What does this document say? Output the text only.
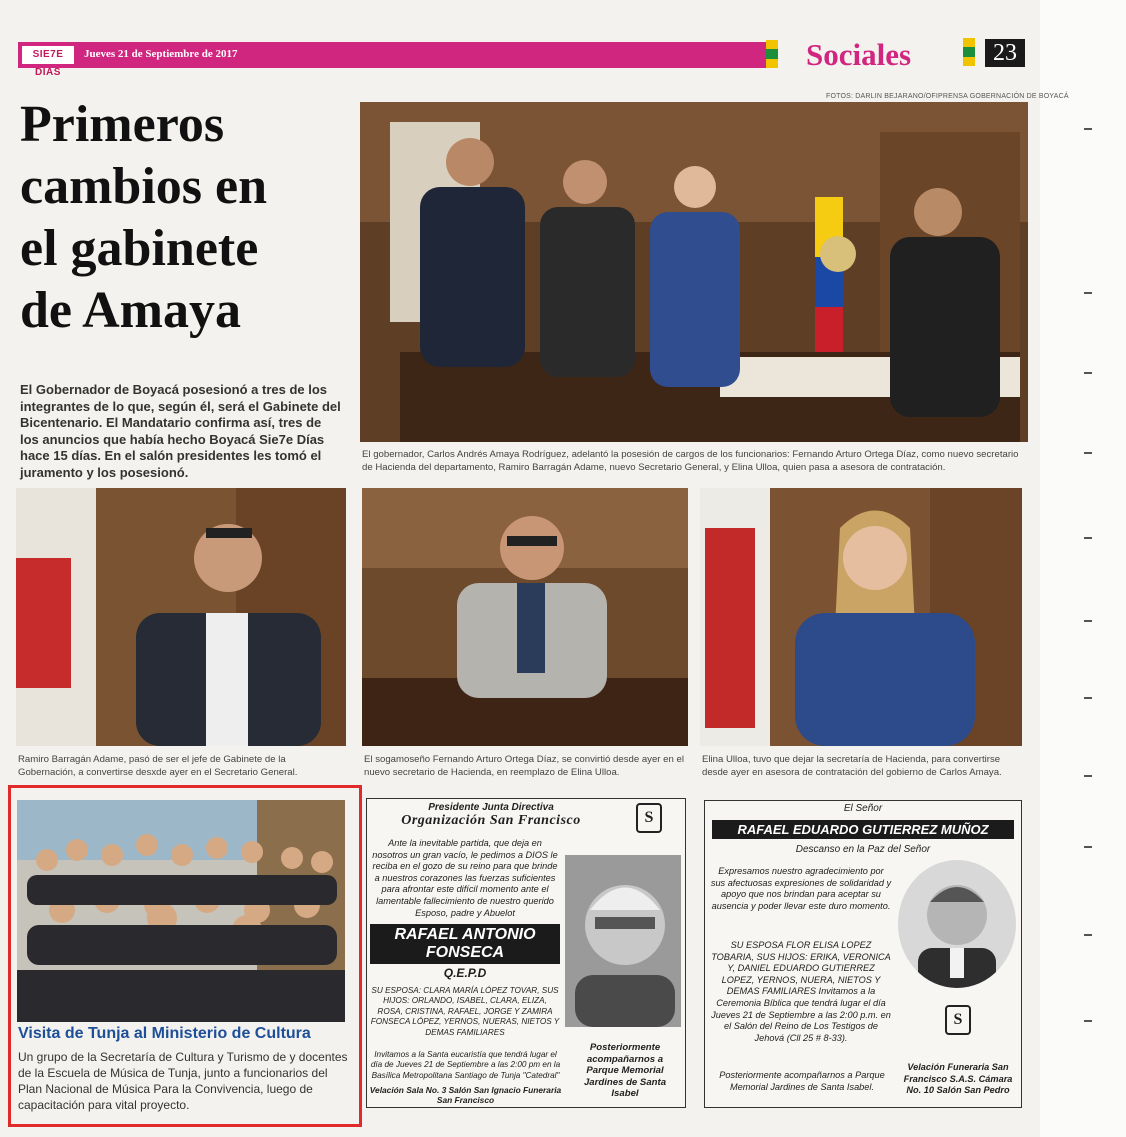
SIE7E DIAS
Jueves 21 de Septiembre de 2017	Sociales	23
FOTOS: DARLIN BEJARANO/OFIPRENSA GOBERNACIÓN DE BOYACÁ
Primeros
cambios en
el gabinete
de Amaya
El Gobernador de Boyacá posesionó a tres de los integrantes de lo que, según él, será el Gabinete del Bicentenario. El Mandatario confirma así, tres de los anuncios que había hecho Boyacá Sie7e Días hace 15 días. En el salón presidentes les tomó el juramento y los posesionó.
El gobernador, Carlos Andrés Amaya Rodríguez, adelantó la posesión de cargos de los funcionarios: Fernando Arturo Ortega Díaz, como nuevo secretario de Hacienda del departamento, Ramiro Barragán Adame, nuevo Secretario General, y Elina Ulloa, quien pasa a asesora de contratación.
Ramiro Barragán Adame, pasó de ser el jefe de Gabinete de la Gobernación, a convertirse desxde ayer en el Secretario General.
El sogamoseño Fernando Arturo Ortega Díaz, se convirtió desde ayer en el nuevo secretario de Hacienda, en reemplazo de Elina Ulloa.
Elina Ulloa, tuvo que dejar la secretaría de Hacienda, para convertirse desde ayer en asesora de contratación del gobierno de Carlos Amaya.
Visita de Tunja al Ministerio de Cultura
Un grupo de la Secretaría de Cultura y Turismo de y docentes de la Escuela de Música de Tunja, junto a funcionarios del Plan Nacional de Música Para la Convivencia, luego de capacitación para vital proyecto.
Presidente Junta Directiva
Organización San Francisco	S
Ante la inevitable partida, que deja en nosotros un gran vacío, le pedimos a DIOS le reciba en el gozo de su reino para que brinde a nuestros corazones las fuerzas suficientes para afrontar este difícil momento ante el lamentable fallecimiento de nuestro querido Esposo, padre y Abuelot
RAFAEL ANTONIO FONSECA
Q.E.P.D
SU ESPOSA: CLARA MARÍA LÓPEZ TOVAR, SUS HIJOS: ORLANDO, ISABEL, CLARA, ELIZA, ROSA, CRISTINA, RAFAEL, JORGE Y ZAMIRA FONSECA LÓPEZ, YERNOS, NUERAS, NIETOS Y DEMAS FAMILIARES
Invitamos a la Santa eucaristía que tendrá lugar el día de Jueves 21 de Septiembre a las 2:00 pm en la Basílica Metropolitana Santiago de Tunja "Catedral"
Velación Sala No. 3 Salón San Ignacio Funeraria San Francisco
Posteriormente acompañarnos a Parque Memorial Jardines de Santa Isabel
El Señor
RAFAEL EDUARDO GUTIERREZ MUÑOZ
Descanso en la Paz del Señor
Expresamos nuestro agradecimiento por sus afectuosas expresiones de solidaridad y apoyo que nos brindan para aceptar su ausencia y poder llevar este duro momento.
SU ESPOSA FLOR ELISA LOPEZ TOBARIA, SUS HIJOS: ERIKA, VERONICA Y, DANIEL EDUARDO GUTIERREZ LOPEZ, YERNOS, NUERA, NIETOS Y DEMAS FAMILIARES Invitamos a la Ceremonia Bíblica que tendrá lugar el día Jueves 21 de Septiembre a las 2:00 p.m. en el Salón del Reino de Los Testigos de Jehová (Cll 25 # 8-33).
Posteriormente acompañarnos a Parque Memorial Jardines de Santa Isabel.
S
Velación Funeraria San Francisco S.A.S. Cámara No. 10 Salón San Pedro
